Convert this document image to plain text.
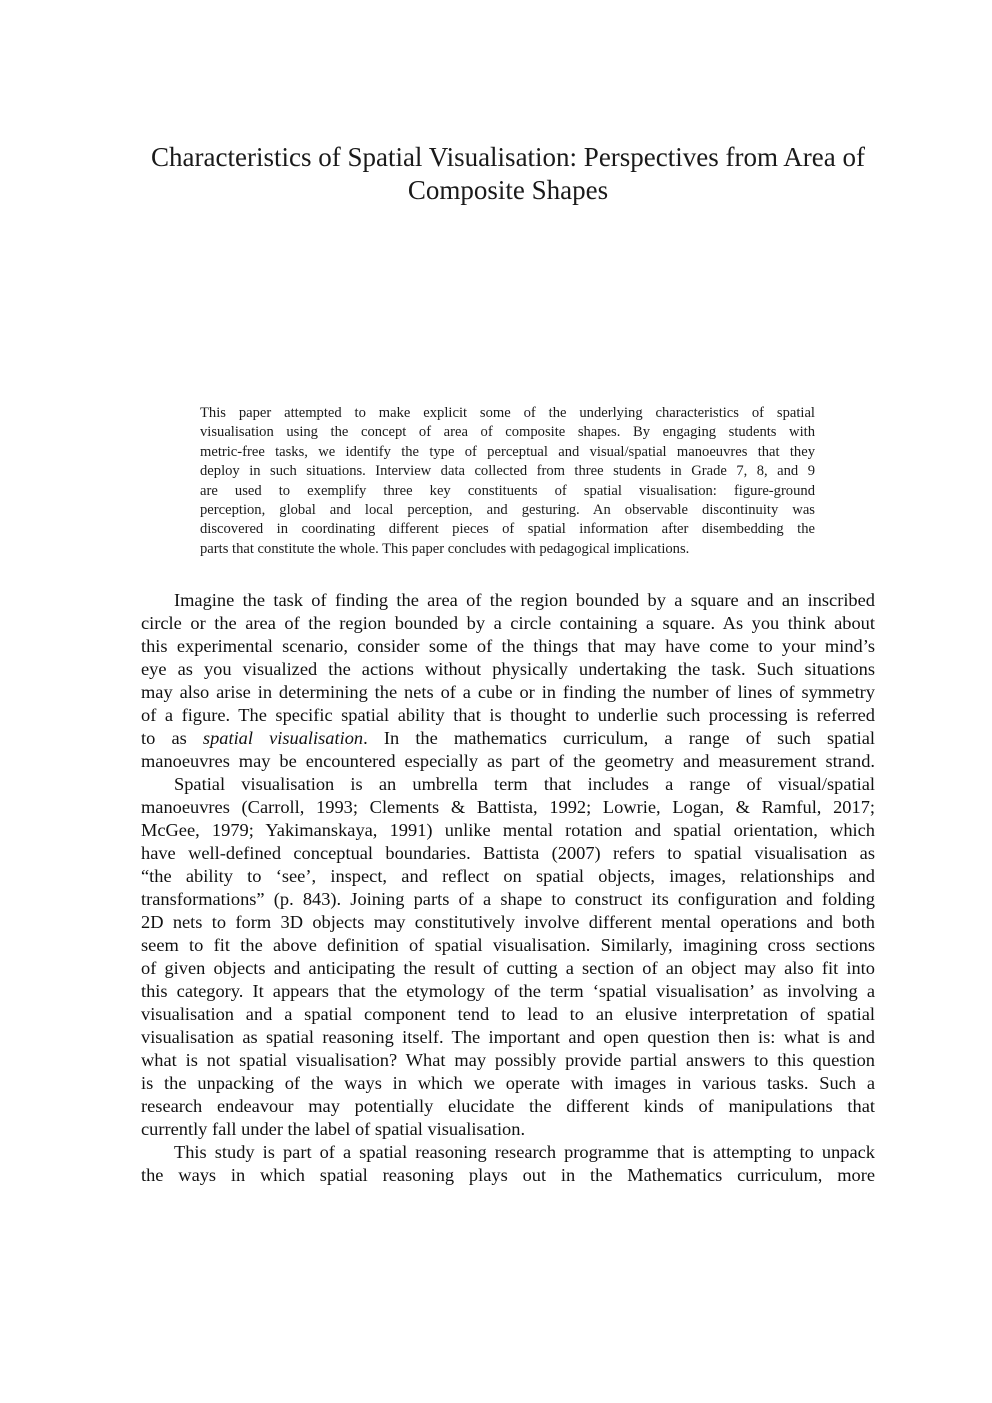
Characteristics of Spatial Visualisation: Perspectives from Area of
Composite Shapes
This paper attempted to make explicit some of the underlying characteristics of spatial
visualisation using the concept of area of composite shapes. By engaging students with
metric-free tasks, we identify the type of perceptual and visual/spatial manoeuvres that they
deploy in such situations. Interview data collected from three students in Grade 7, 8, and 9
are used to exemplify three key constituents of spatial visualisation: figure-ground
perception, global and local perception, and gesturing. An observable discontinuity was
discovered in coordinating different pieces of spatial information after disembedding the
parts that constitute the whole. This paper concludes with pedagogical implications.
Imagine the task of finding the area of the region bounded by a square and an inscribed
circle or the area of the region bounded by a circle containing a square. As you think about
this experimental scenario, consider some of the things that may have come to your mind’s
eye as you visualized the actions without physically undertaking the task. Such situations
may also arise in determining the nets of a cube or in finding the number of lines of symmetry
of a figure. The specific spatial ability that is thought to underlie such processing is referred
to as spatial visualisation. In the mathematics curriculum, a range of such spatial
manoeuvres may be encountered especially as part of the geometry and measurement strand.
Spatial visualisation is an umbrella term that includes a range of visual/spatial
manoeuvres (Carroll, 1993; Clements & Battista, 1992; Lowrie, Logan, & Ramful, 2017;
McGee, 1979; Yakimanskaya, 1991) unlike mental rotation and spatial orientation, which
have well-defined conceptual boundaries. Battista (2007) refers to spatial visualisation as
“the ability to ‘see’, inspect, and reflect on spatial objects, images, relationships and
transformations” (p. 843). Joining parts of a shape to construct its configuration and folding
2D nets to form 3D objects may constitutively involve different mental operations and both
seem to fit the above definition of spatial visualisation. Similarly, imagining cross sections
of given objects and anticipating the result of cutting a section of an object may also fit into
this category. It appears that the etymology of the term ‘spatial visualisation’ as involving a
visualisation and a spatial component tend to lead to an elusive interpretation of spatial
visualisation as spatial reasoning itself. The important and open question then is: what is and
what is not spatial visualisation? What may possibly provide partial answers to this question
is the unpacking of the ways in which we operate with images in various tasks. Such a
research endeavour may potentially elucidate the different kinds of manipulations that
currently fall under the label of spatial visualisation.
This study is part of a spatial reasoning research programme that is attempting to unpack
the ways in which spatial reasoning plays out in the Mathematics curriculum, more
